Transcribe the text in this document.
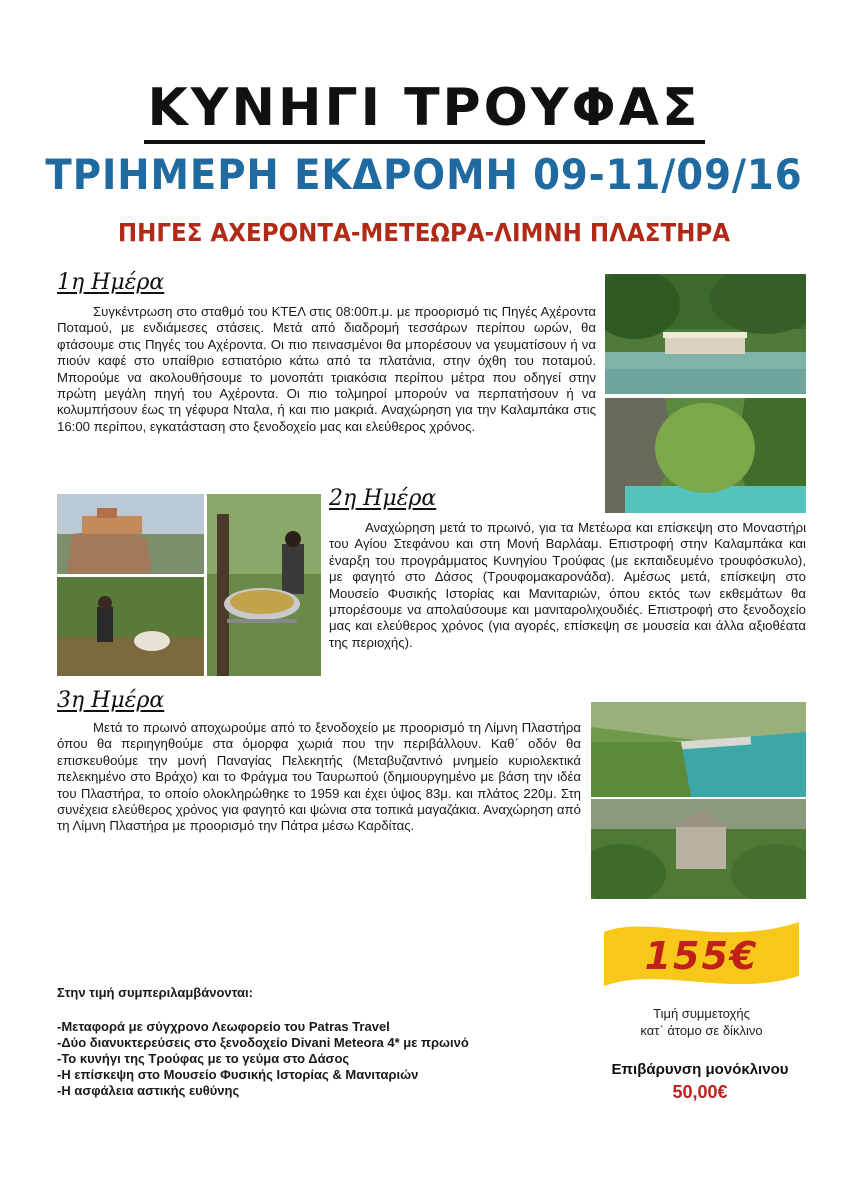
ΚΥΝΗΓΙ ΤΡΟΥΦΑΣ
ΤΡΙΗΜΕΡΗ ΕΚΔΡΟΜΗ 09-11/09/16
ΠΗΓΕΣ ΑΧΕΡΟΝΤΑ-ΜΕΤΕΩΡΑ-ΛΙΜΝΗ ΠΛΑΣΤΗΡΑ
1η Ημέρα
Συγκέντρωση στο σταθμό του ΚΤΕΛ στις 08:00π.μ. με προορισμό τις Πηγές Αχέροντα Ποταμού, με ενδιάμεσες στάσεις. Μετά από διαδρομή τεσσάρων περίπου ωρών, θα φτάσουμε στις Πηγές του Αχέροντα. Οι πιο πεινασμένοι θα μπορέσουν να γευματίσουν ή να πιούν καφέ στο υπαίθριο εστιατόριο κάτω από τα πλατάνια, στην όχθη του ποταμού. Μπορούμε να ακολουθήσουμε το μονοπάτι τριακόσια περίπου μέτρα που οδηγεί στην πρώτη μεγάλη πηγή του Αχέροντα. Οι πιο τολμηροί μπορούν να περπατήσουν ή να κολυμπήσουν έως τη γέφυρα Νταλα, ή και πιο μακριά. Αναχώρηση για την Καλαμπάκα στις 16:00 περίπου, εγκατάσταση στο ξενοδοχείο μας και ελεύθερος χρόνος.
2η Ημέρα
Αναχώρηση μετά το πρωινό, για τα Μετέωρα και επίσκεψη στο Μοναστήρι του Αγίου Στεφάνου και στη Μονή Βαρλάαμ. Επιστροφή στην Καλαμπάκα και έναρξη του προγράμματος Κυνηγίου Τρούφας (με εκπαιδευμένο τρουφόσκυλο), με φαγητό στο Δάσος (Τρουφομακαρονάδα). Αμέσως μετά, επίσκεψη στο Μουσείο Φυσικής Ιστορίας και Μανιταριών, όπου εκτός των εκθεμάτων θα μπορέσουμε να απολαύσουμε και μανιταρολιχουδιές. Επιστροφή στο ξενοδοχείο μας και ελεύθερος χρόνος (για αγορές, επίσκεψη σε μουσεία και άλλα αξιοθέατα της περιοχής).
3η Ημέρα
Μετά το πρωινό αποχωρούμε από το ξενοδοχείο με προορισμό τη Λίμνη Πλαστήρα όπου θα περιηγηθούμε στα όμορφα χωριά που την περιβάλλουν. Καθ΄ οδόν θα επισκευθούμε την μονή Παναγίας Πελεκητής (Μεταβυζαντινό μνημείο κυριολεκτικά πελεκημένο στο Βράχο) και το Φράγμα του Ταυρωπού (δημιουργημένο με βάση την ιδέα του Πλαστήρα, το οποίο ολοκληρώθηκε το 1959 και έχει ύψος 83μ. και πλάτος 220μ. Στη συνέχεια ελεύθερος χρόνος για φαγητό και ψώνια στα τοπικά μαγαζάκια. Αναχώρηση από τη Λίμνη Πλαστήρα με προορισμό την Πάτρα μέσω Καρδίτας.
155€
Τιμή συμμετοχής
κατ΄ άτομο σε δίκλινο
Επιβάρυνση μονόκλινου
50,00€
Στην τιμή συμπεριλαμβάνονται:
-Μεταφορά με σύγχρονο Λεωφορείο του Patras Travel
-Δύο διανυκτερεύσεις στο ξενοδοχείο Divani Meteora 4* με πρωινό
-Το κυνήγι της Τρούφας με το γεύμα στο Δάσος
-Η επίσκεψη στο Μουσείο Φυσικής Ιστορίας & Μανιταριών
-Η ασφάλεια αστικής ευθύνης
